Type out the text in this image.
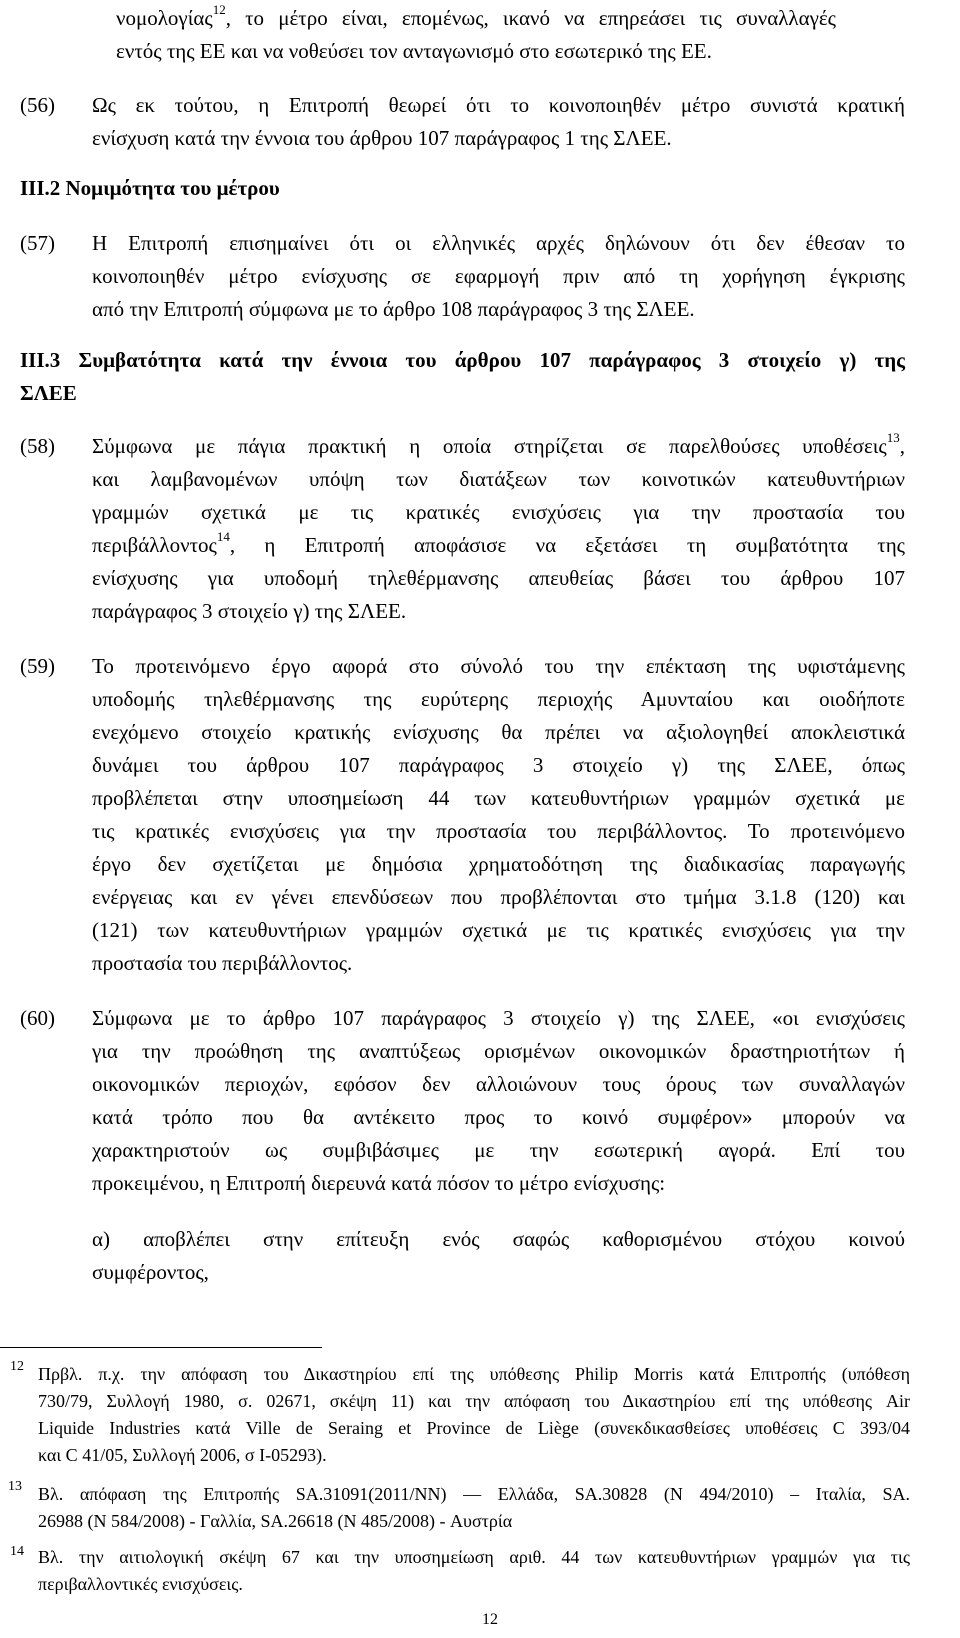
νομολογίας$^{12}$, το μέτρο είναι, επομένως, ικανό να επηρεάσει τις συναλλαγές
εντός της ΕΕ και να νοθεύσει τον ανταγωνισμό στο εσωτερικό της ΕΕ.
(56) Ως εκ τούτου, η Επιτροπή θεωρεί ότι το κοινοποιηθέν μέτρο συνιστά κρατική
ενίσχυση κατά την έννοια του άρθρου 107 παράγραφος 1 της ΣΛΕΕ.
III.2 Νομιμότητα του μέτρου
(57) Η Επιτροπή επισημαίνει ότι οι ελληνικές αρχές δηλώνουν ότι δεν έθεσαν το
κοινοποιηθέν μέτρο ενίσχυσης σε εφαρμογή πριν από τη χορήγηση έγκρισης
από την Επιτροπή σύμφωνα με το άρθρο 108 παράγραφος 3 της ΣΛΕΕ.
III.3 Συμβατότητα κατά την έννοια του άρθρου 107 παράγραφος 3 στοιχείο γ) της
ΣΛΕΕ
(58) Σύμφωνα με πάγια πρακτική η οποία στηρίζεται σε παρελθούσες υποθέσεις$^{13}$,
και λαμβανομένων υπόψη των διατάξεων των κοινοτικών κατευθυντήριων
γραμμών σχετικά με τις κρατικές ενισχύσεις για την προστασία του
περιβάλλοντος$^{14}$, η Επιτροπή αποφάσισε να εξετάσει τη συμβατότητα της
ενίσχυσης για υποδομή τηλεθέρμανσης απευθείας βάσει του άρθρου 107
παράγραφος 3 στοιχείο γ) της ΣΛΕΕ.
(59) Το προτεινόμενο έργο αφορά στο σύνολό του την επέκταση της υφιστάμενης
υποδομής τηλεθέρμανσης της ευρύτερης περιοχής Αμυνταίου και οιοδήποτε
ενεχόμενο στοιχείο κρατικής ενίσχυσης θα πρέπει να αξιολογηθεί αποκλειστικά
δυνάμει του άρθρου 107 παράγραφος 3 στοιχείο γ) της ΣΛΕΕ, όπως
προβλέπεται στην υποσημείωση 44 των κατευθυντήριων γραμμών σχετικά με
τις κρατικές ενισχύσεις για την προστασία του περιβάλλοντος. Το προτεινόμενο
έργο δεν σχετίζεται με δημόσια χρηματοδότηση της διαδικασίας παραγωγής
ενέργειας και εν γένει επενδύσεων που προβλέπονται στο τμήμα 3.1.8 (120) και
(121) των κατευθυντήριων γραμμών σχετικά με τις κρατικές ενισχύσεις για την
προστασία του περιβάλλοντος.
(60) Σύμφωνα με το άρθρο 107 παράγραφος 3 στοιχείο γ) της ΣΛΕΕ, «οι ενισχύσεις
για την προώθηση της αναπτύξεως ορισμένων οικονομικών δραστηριοτήτων ή
οικονομικών περιοχών, εφόσον δεν αλλοιώνουν τους όρους των συναλλαγών
κατά τρόπο που θα αντέκειτο προς το κοινό συμφέρον» μπορούν να
χαρακτηριστούν ως συμβιβάσιμες με την εσωτερική αγορά. Επί του
προκειμένου, η Επιτροπή διερευνά κατά πόσον το μέτρο ενίσχυσης:
α) αποβλέπει στην επίτευξη ενός σαφώς καθορισμένου στόχου κοινού
συμφέροντος,
12 Πρβλ. π.χ. την απόφαση του Δικαστηρίου επί της υπόθεσης Philip Morris κατά Επιτροπής (υπόθεση
730/79, Συλλογή 1980, σ. 02671, σκέψη 11) και την απόφαση του Δικαστηρίου επί της υπόθεσης Air
Liquide Industries κατά Ville de Seraing et Province de Liège (συνεκδικασθείσες υποθέσεις C 393/04
και C 41/05, Συλλογή 2006, σ I-05293).
13 Βλ. απόφαση της Επιτροπής SA.31091(2011/NN) — Ελλάδα, SA.30828 (N 494/2010) – Ιταλία, SA.
26988 (N 584/2008) - Γαλλία, SA.26618 (N 485/2008) - Αυστρία
14 Βλ. την αιτιολογική σκέψη 67 και την υποσημείωση αριθ. 44 των κατευθυντήριων γραμμών για τις
περιβαλλοντικές ενισχύσεις.
12
